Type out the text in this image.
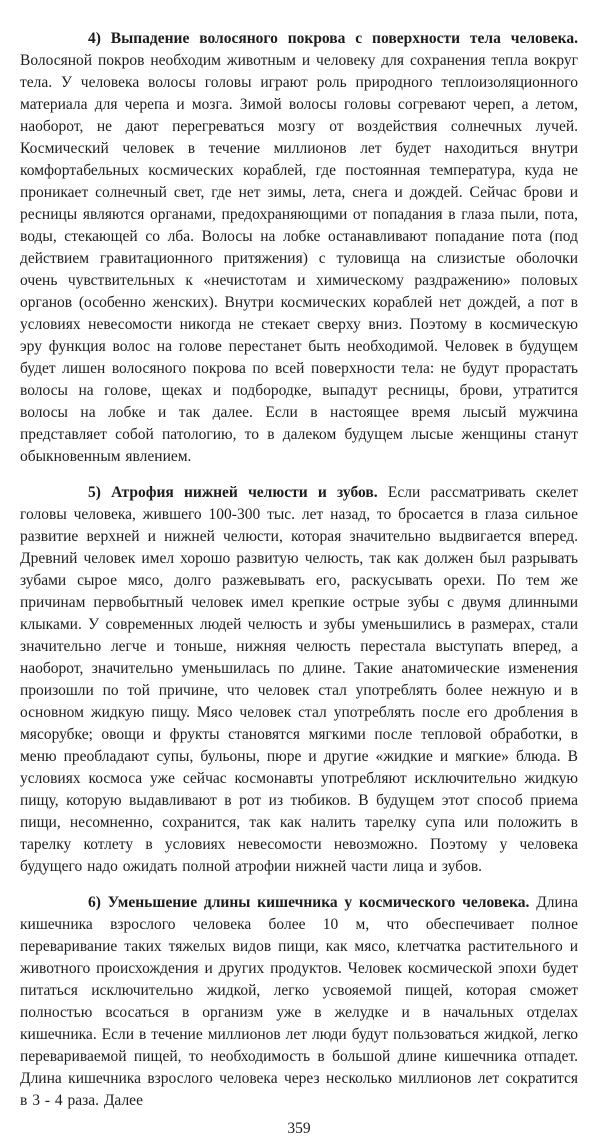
4) Выпадение волосяного покрова с поверхности тела человека. Волосяной покров необходим животным и человеку для сохранения тепла вокруг тела. У человека волосы головы играют роль природного теплоизоляционного материала для черепа и мозга. Зимой волосы головы согревают череп, а летом, наоборот, не дают перегреваться мозгу от воздействия солнечных лучей. Космический человек в течение миллионов лет будет находиться внутри комфортабельных космических кораблей, где постоянная температура, куда не проникает солнечный свет, где нет зимы, лета, снега и дождей. Сейчас брови и ресницы являются органами, предохраняющими от попадания в глаза пыли, пота, воды, стекающей со лба. Волосы на лобке останавливают попадание пота (под действием гравитационного притяжения) с туловища на слизистые оболочки очень чувствительных к «нечистотам и химическому раздражению» половых органов (особенно женских). Внутри космических кораблей нет дождей, а пот в условиях невесомости никогда не стекает сверху вниз. Поэтому в космическую эру функция волос на голове перестанет быть необходимой. Человек в будущем будет лишен волосяного покрова по всей поверхности тела: не будут прорастать волосы на голове, щеках и подбородке, выпадут ресницы, брови, утратится волосы на лобке и так далее. Если в настоящее время лысый мужчина представляет собой патологию, то в далеком будущем лысые женщины станут обыкновенным явлением.

5) Атрофия нижней челюсти и зубов. Если рассматривать скелет головы человека, жившего 100-300 тыс. лет назад, то бросается в глаза сильное развитие верхней и нижней челюсти, которая значительно выдвигается вперед. Древний человек имел хорошо развитую челюсть, так как должен был разрывать зубами сырое мясо, долго разжевывать его, раскусывать орехи. По тем же причинам первобытный человек имел крепкие острые зубы с двумя длинными клыками. У современных людей челюсть и зубы уменьшились в размерах, стали значительно легче и тоньше, нижняя челюсть перестала выступать вперед, а наоборот, значительно уменьшилась по длине. Такие анатомические изменения произошли по той причине, что человек стал употреблять более нежную и в основном жидкую пищу. Мясо человек стал употреблять после его дробления в мясорубке; овощи и фрукты становятся мягкими после тепловой обработки, в меню преобладают супы, бульоны, пюре и другие «жидкие и мягкие» блюда. В условиях космоса уже сейчас космонавты употребляют исключительно жидкую пищу, которую выдавливают в рот из тюбиков. В будущем этот способ приема пищи, несомненно, сохранится, так как налить тарелку супа или положить в тарелку котлету в условиях невесомости невозможно. Поэтому у человека будущего надо ожидать полной атрофии нижней части лица и зубов.

6) Уменьшение длины кишечника у космического человека. Длина кишечника взрослого человека более 10 м, что обеспечивает полное переваривание таких тяжелых видов пищи, как мясо, клетчатка растительного и животного происхождения и других продуктов. Человек космической эпохи будет питаться исключительно жидкой, легко усвояемой пищей, которая сможет полностью всосаться в организм уже в желудке и в начальных отделах кишечника. Если в течение миллионов лет люди будут пользоваться жидкой, легко перевариваемой пищей, то необходимость в большой длине кишечника отпадет. Длина кишечника взрослого человека через несколько миллионов лет сократится в 3 - 4 раза. Далее

359
